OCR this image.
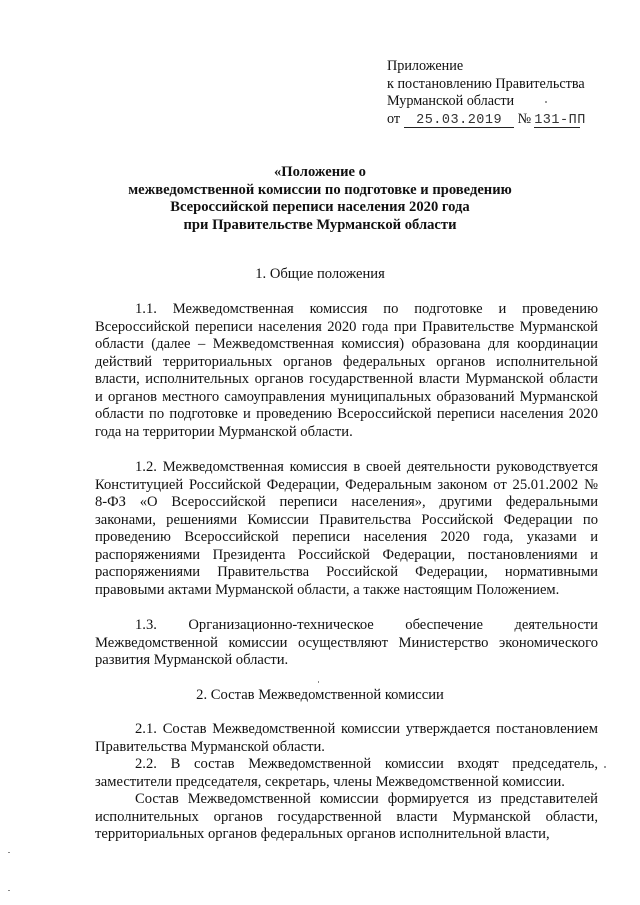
Приложение
к постановлению Правительства
Мурманской области
от 25.03.2019 № 131-ПП
«Положение о
межведомственной комиссии по подготовке и проведению
Всероссийской переписи населения 2020 года
при Правительстве Мурманской области
1. Общие положения

1.1. Межведомственная комиссия по подготовке и проведению Всероссийской переписи населения 2020 года при Правительстве Мурманской области (далее – Межведомственная комиссия) образована для координации действий территориальных органов федеральных органов исполнительной власти, исполнительных органов государственной власти Мурманской области и органов местного самоуправления муниципальных образований Мурманской области по подготовке и проведению Всероссийской переписи населения 2020 года на территории Мурманской области.

1.2. Межведомственная комиссия в своей деятельности руководствуется Конституцией Российской Федерации, Федеральным законом от 25.01.2002 № 8-ФЗ «О Всероссийской переписи населения», другими федеральными законами, решениями Комиссии Правительства Российской Федерации по проведению Всероссийской переписи населения 2020 года, указами и распоряжениями Президента Российской Федерации, постановлениями и распоряжениями Правительства Российской Федерации, нормативными правовыми актами Мурманской области, а также настоящим Положением.

1.3. Организационно-техническое обеспечение деятельности Межведомственной комиссии осуществляют Министерство экономического развития Мурманской области.

2. Состав Межведомственной комиссии

2.1. Состав Межведомственной комиссии утверждается постановлением Правительства Мурманской области.

2.2. В состав Межведомственной комиссии входят председатель, заместители председателя, секретарь, члены Межведомственной комиссии.

Состав Межведомственной комиссии формируется из представителей исполнительных органов государственной власти Мурманской области, территориальных органов федеральных органов исполнительной власти,
